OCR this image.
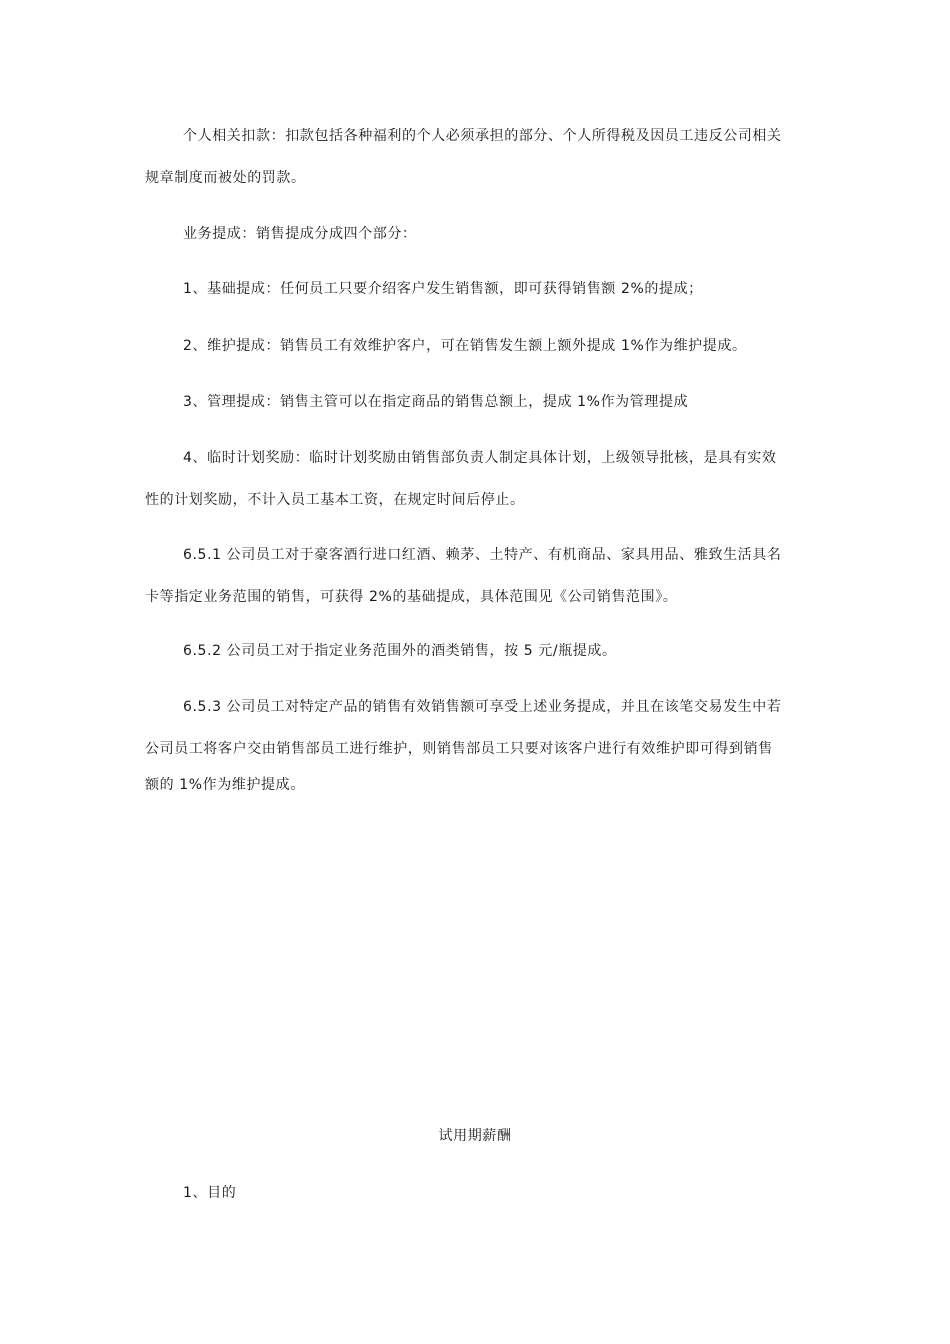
个人相关扣款：扣款包括各种福利的个人必须承担的部分、个人所得税及因员工违反公司相关
规章制度而被处的罚款。

业务提成：销售提成分成四个部分：

1、基础提成：任何员工只要介绍客户发生销售额，即可获得销售额 2%的提成；

2、维护提成：销售员工有效维护客户，可在销售发生额上额外提成 1%作为维护提成。

3、管理提成：销售主管可以在指定商品的销售总额上，提成 1%作为管理提成

4、临时计划奖励：临时计划奖励由销售部负责人制定具体计划，上级领导批核，是具有实效
性的计划奖励，不计入员工基本工资，在规定时间后停止。

6.5.1 公司员工对于豪客酒行进口红酒、赖茅、土特产、有机商品、家具用品、雅致生活具名
卡等指定业务范围的销售，可获得 2%的基础提成，具体范围见《公司销售范围》。

6.5.2 公司员工对于指定业务范围外的酒类销售，按 5 元/瓶提成。

6.5.3 公司员工对特定产品的销售有效销售额可享受上述业务提成，并且在该笔交易发生中若
公司员工将客户交由销售部员工进行维护，则销售部员工只要对该客户进行有效维护即可得到销售
额的 1%作为维护提成。

试用期薪酬

1、目的
